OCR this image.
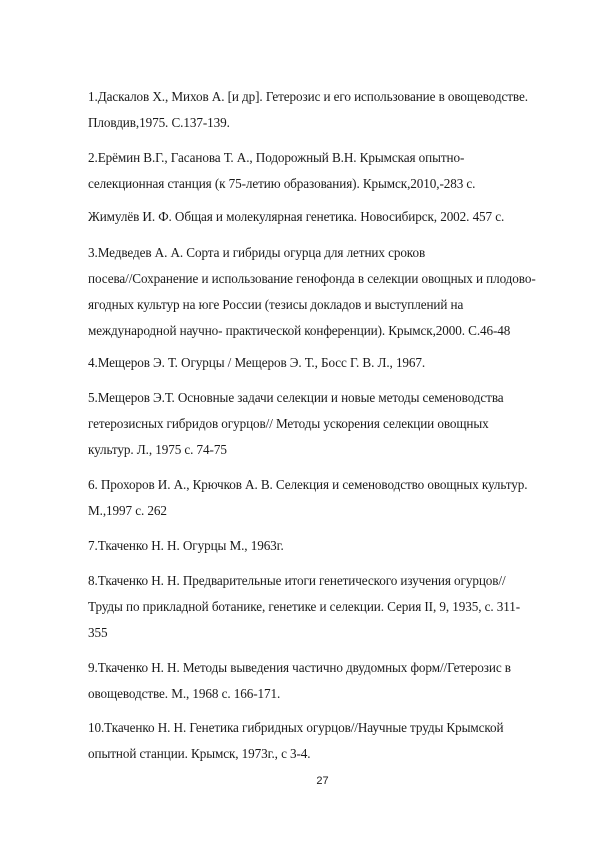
1.Даскалов Х., Михов А. [и др]. Гетерозис и его использование в овощеводстве.
Пловдив,1975. С.137-139.
2.Ерёмин В.Г., Гасанова Т. А., Подорожный В.Н. Крымская опытно-
селекционная станция (к 75-летию образования). Крымск,2010,-283 с.
Жимулёв И. Ф. Общая и молекулярная генетика. Новосибирск, 2002. 457 с.
3.Медведев А. А. Сорта и гибриды огурца для летних сроков
посева//Сохранение и использование генофонда в селекции овощных и плодово-
ягодных культур на юге России (тезисы докладов и выступлений на
международной научно- практической конференции). Крымск,2000. С.46-48
4.Мещеров Э. Т. Огурцы / Мещеров Э. Т., Босс Г. В. Л., 1967.
5.Мещеров Э.Т. Основные задачи селекции и новые методы семеноводства
гетерозисных гибридов огурцов// Методы ускорения селекции овощных
культур. Л., 1975 с. 74-75
6. Прохоров И. А., Крючков А. В. Селекция и семеноводство овощных культур.
М.,1997 с. 262
7.Ткаченко Н. Н. Огурцы М., 1963г.
8.Ткаченко Н. Н. Предварительные итоги генетического изучения огурцов//
Труды по прикладной ботанике, генетике и селекции. Серия II, 9, 1935, с. 311-
355
9.Ткаченко Н. Н. Методы выведения частично двудомных форм//Гетерозис в
овощеводстве. М., 1968 с. 166-171.
10.Ткаченко Н. Н. Генетика гибридных огурцов//Научные труды Крымской
опытной станции. Крымск, 1973г., с 3-4.
27
